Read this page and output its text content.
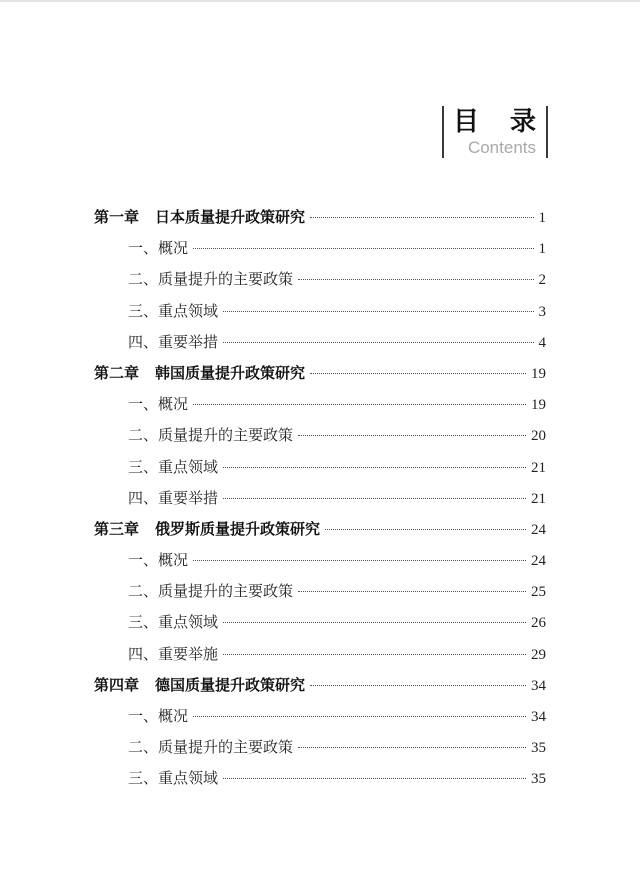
目 录
Contents
第一章 日本质量提升政策研究	1
一、概况	1
二、质量提升的主要政策	2
三、重点领域	3
四、重要举措	4
第二章 韩国质量提升政策研究	19
一、概况	19
二、质量提升的主要政策	20
三、重点领域	21
四、重要举措	21
第三章 俄罗斯质量提升政策研究	24
一、概况	24
二、质量提升的主要政策	25
三、重点领域	26
四、重要举施	29
第四章 德国质量提升政策研究	34
一、概况	34
二、质量提升的主要政策	35
三、重点领域	35
